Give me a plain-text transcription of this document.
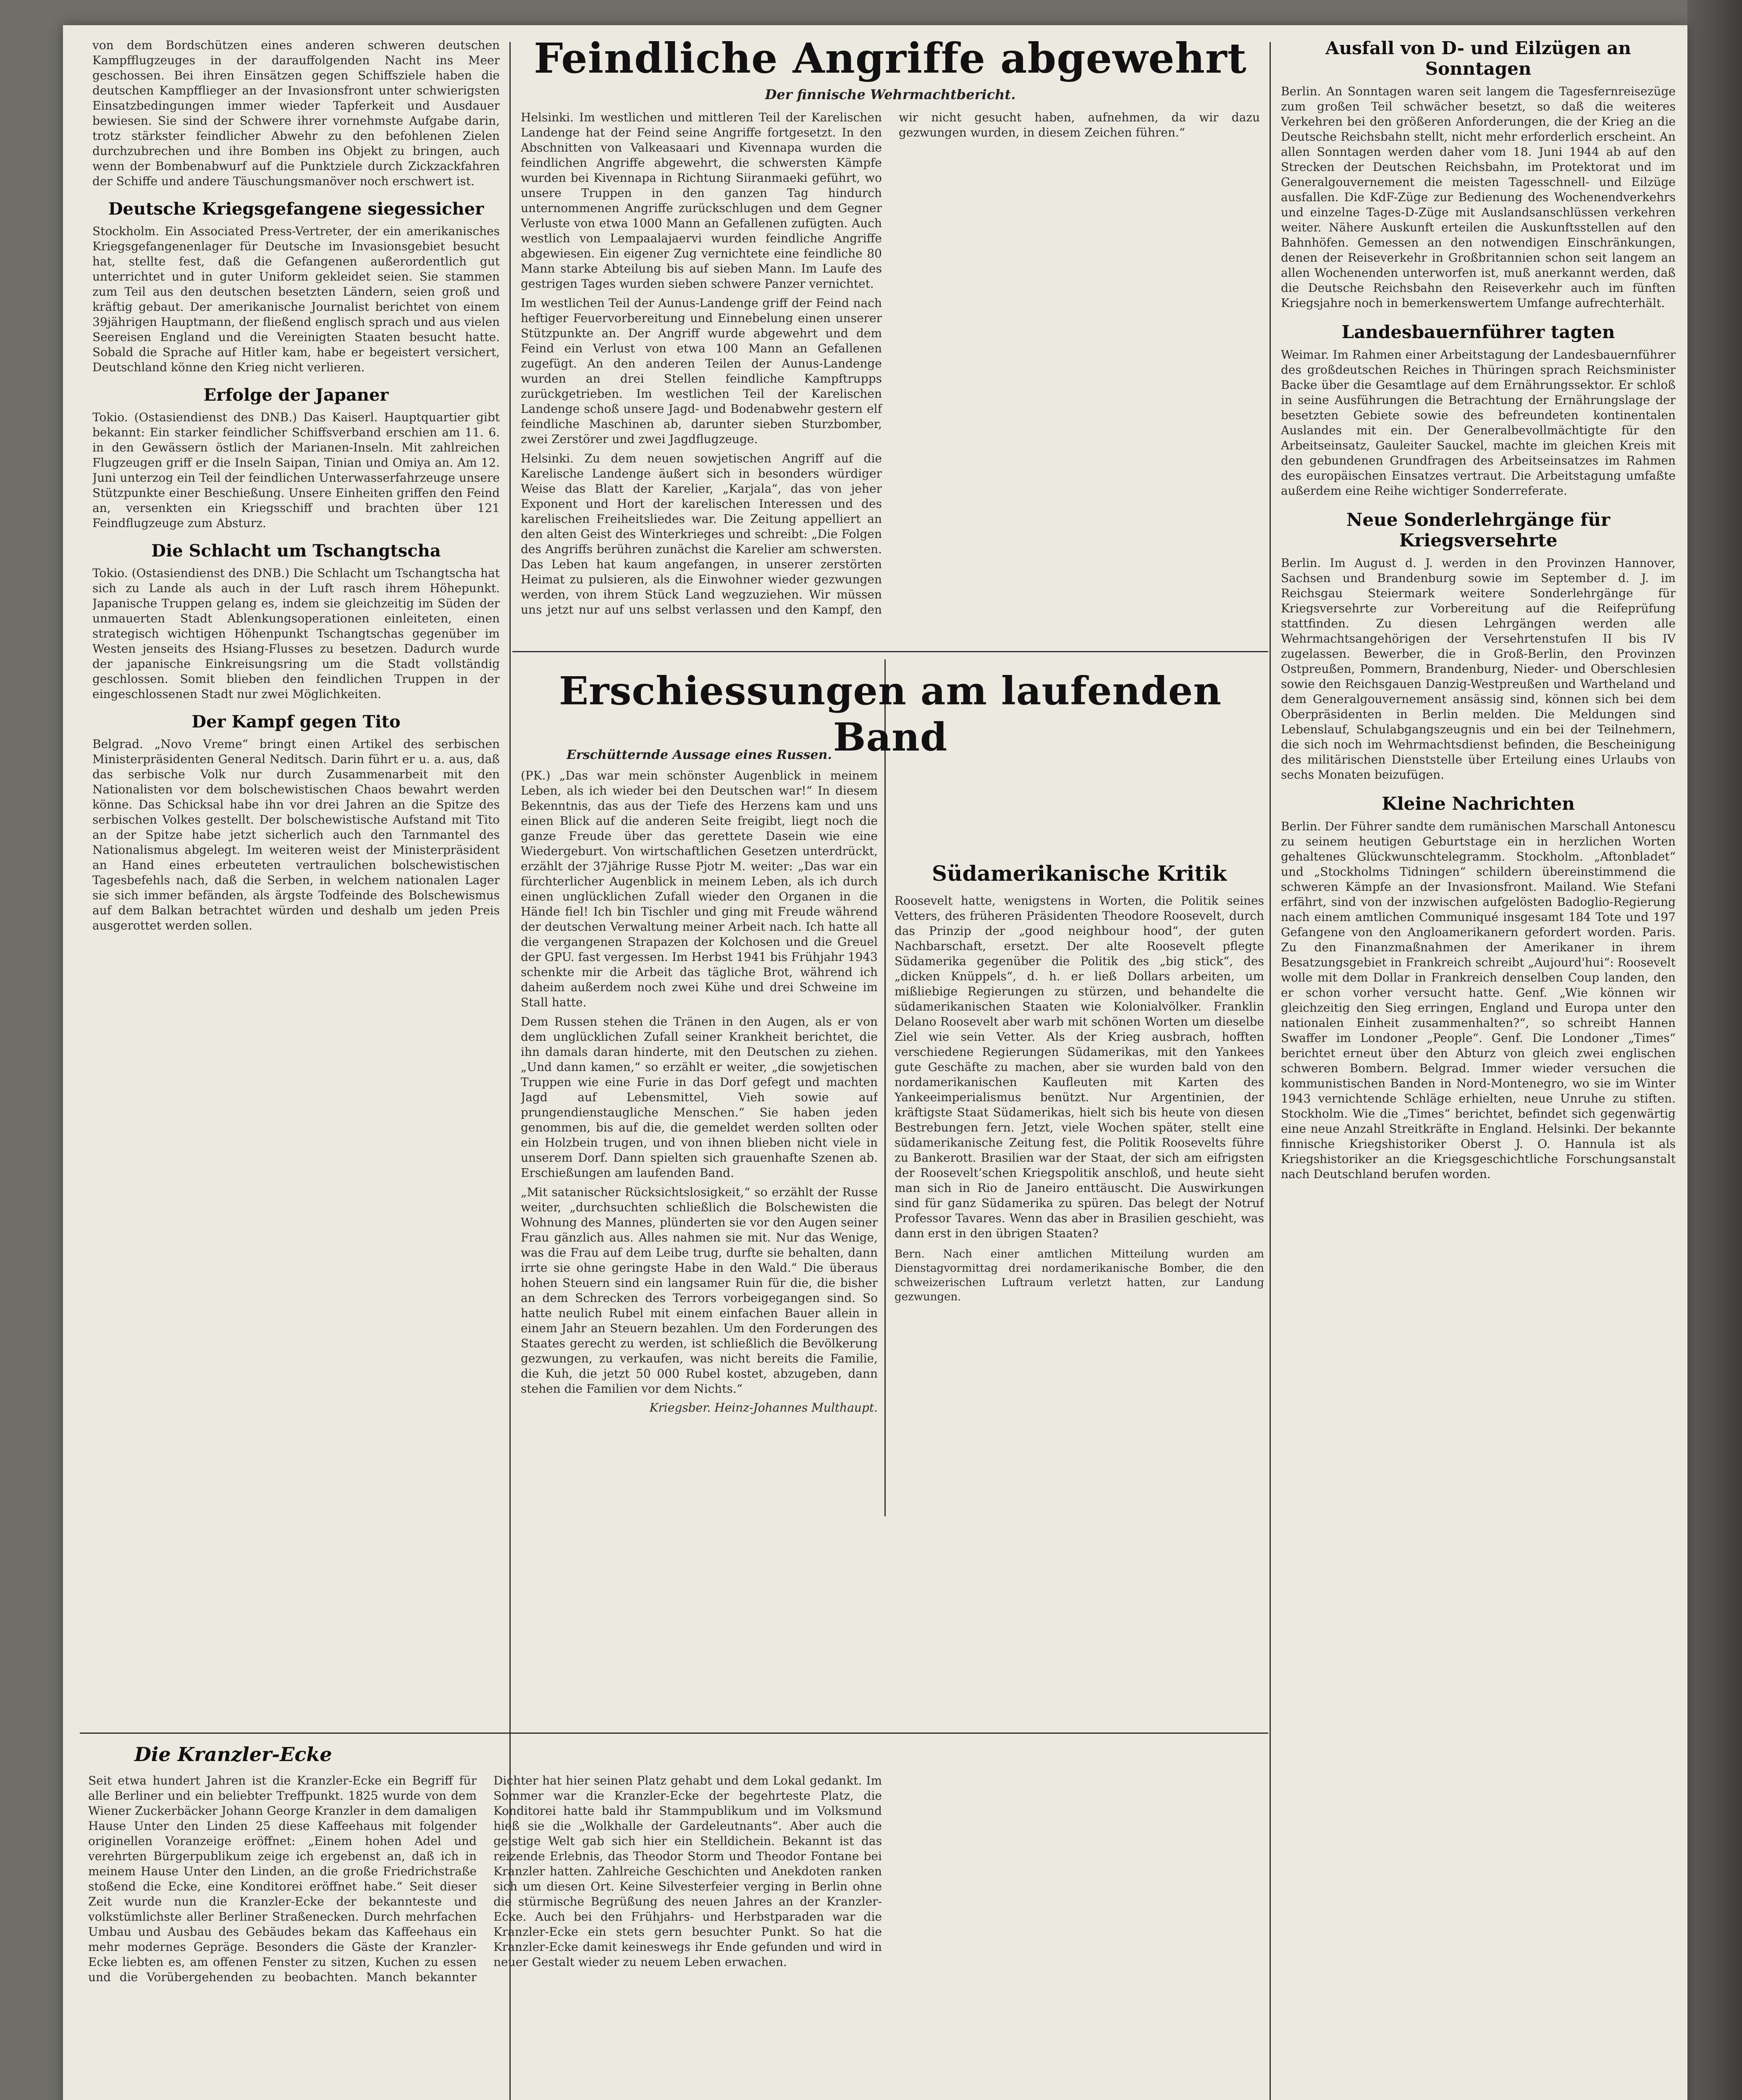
von dem Bordschützen eines anderen schweren deutschen Kampfflugzeuges in der darauffolgenden Nacht ins Meer geschossen. Bei ihren Einsätzen gegen Schiffsziele haben die deutschen Kampfflieger an der Invasionsfront unter schwierigsten Einsatzbedingungen immer wieder Tapferkeit und Ausdauer bewiesen. Sie sind der Schwere ihrer vornehmste Aufgabe darin, trotz stärkster feindlicher Abwehr zu den befohlenen Zielen durchzubrechen und ihre Bomben ins Objekt zu bringen, auch wenn der Bombenabwurf auf die Punktziele durch Zickzackfahren der Schiffe und andere Täuschungsmanöver noch erschwert ist.
Deutsche Kriegsgefangene siegessicher
Stockholm. Ein Associated Press-Vertreter, der ein amerikanisches Kriegsgefangenenlager für Deutsche im Invasionsgebiet besucht hat, stellte fest, daß die Gefangenen außerordentlich gut unterrichtet und in guter Uniform gekleidet seien. Sie stammen zum Teil aus den deutschen besetzten Ländern, seien groß und kräftig gebaut. Der amerikanische Journalist berichtet von einem 39jährigen Hauptmann, der fließend englisch sprach und aus vielen Seereisen England und die Vereinigten Staaten besucht hatte. Sobald die Sprache auf Hitler kam, habe er begeistert versichert, Deutschland könne den Krieg nicht verlieren.
Erfolge der Japaner
Tokio. (Ostasiendienst des DNB.) Das Kaiserl. Hauptquartier gibt bekannt: Ein starker feindlicher Schiffsverband erschien am 11. 6. in den Gewässern östlich der Marianen-Inseln. Mit zahlreichen Flugzeugen griff er die Inseln Saipan, Tinian und Omiya an. Am 12. Juni unterzog ein Teil der feindlichen Unterwasserfahrzeuge unsere Stützpunkte einer Beschießung. Unsere Einheiten griffen den Feind an, versenkten ein Kriegsschiff und brachten über 121 Feindflugzeuge zum Absturz.
Die Schlacht um Tschangtscha
Tokio. (Ostasiendienst des DNB.) Die Schlacht um Tschangtscha hat sich zu Lande als auch in der Luft rasch ihrem Höhepunkt. Japanische Truppen gelang es, indem sie gleichzeitig im Süden der unmauerten Stadt Ablenkungsoperationen einleiteten, einen strategisch wichtigen Höhenpunkt Tschangtschas gegenüber im Westen jenseits des Hsiang-Flusses zu besetzen. Dadurch wurde der japanische Einkreisungsring um die Stadt vollständig geschlossen. Somit blieben den feindlichen Truppen in der eingeschlossenen Stadt nur zwei Möglichkeiten.
Der Kampf gegen Tito
Belgrad. „Novo Vreme“ bringt einen Artikel des serbischen Ministerpräsidenten General Neditsch. Darin führt er u. a. aus, daß das serbische Volk nur durch Zusammenarbeit mit den Nationalisten vor dem bolschewistischen Chaos bewahrt werden könne. Das Schicksal habe ihn vor drei Jahren an die Spitze des serbischen Volkes gestellt. Der bolschewistische Aufstand mit Tito an der Spitze habe jetzt sicherlich auch den Tarnmantel des Nationalismus abgelegt. Im weiteren weist der Ministerpräsident an Hand eines erbeuteten vertraulichen bolschewistischen Tagesbefehls nach, daß die Serben, in welchem nationalen Lager sie sich immer befänden, als ärgste Todfeinde des Bolschewismus auf dem Balkan betrachtet würden und deshalb um jeden Preis ausgerottet werden sollen.
Feindliche Angriffe abgewehrt

Der finnische Wehrmachtbericht.

Helsinki. Im westlichen und mittleren Teil der Karelischen Landenge hat der Feind seine Angriffe fortgesetzt. In den Abschnitten von Valkeasaari und Kivennapa wurden die feindlichen Angriffe abgewehrt, die schwersten Kämpfe wurden bei Kivennapa in Richtung Siiranmaeki geführt, wo unsere Truppen in den ganzen Tag hindurch unternommenen Angriffe zurückschlugen und dem Gegner Verluste von etwa 1000 Mann an Gefallenen zufügten. Auch westlich von Lempaalajaervi wurden feindliche Angriffe abgewiesen. Ein eigener Zug vernichtete eine feindliche 80 Mann starke Abteilung bis auf sieben Mann. Im Laufe des gestrigen Tages wurden sieben schwere Panzer vernichtet.
Im westlichen Teil der Aunus-Landenge griff der Feind nach heftiger Feuervorbereitung und Einnebelung einen unserer Stützpunkte an. Der Angriff wurde abgewehrt und dem Feind ein Verlust von etwa 100 Mann an Gefallenen zugefügt. An den anderen Teilen der Aunus-Landenge wurden an drei Stellen feindliche Kampftrupps zurückgetrieben. Im westlichen Teil der Karelischen Landenge schoß unsere Jagd- und Bodenabwehr gestern elf feindliche Maschinen ab, darunter sieben Sturzbomber, zwei Zerstörer und zwei Jagdflugzeuge.
Helsinki. Zu dem neuen sowjetischen Angriff auf die Karelische Landenge äußert sich in besonders würdiger Weise das Blatt der Karelier, „Karjala“, das von jeher Exponent und Hort der karelischen Interessen und des karelischen Freiheitsliedes war. Die Zeitung appelliert an den alten Geist des Winterkrieges und schreibt: „Die Folgen des Angriffs berühren zunächst die Karelier am schwersten. Das Leben hat kaum angefangen, in unserer zerstörten Heimat zu pulsieren, als die Einwohner wieder gezwungen werden, von ihrem Stück Land wegzuziehen. Wir müssen uns jetzt nur auf uns selbst verlassen und den Kampf, den wir nicht gesucht haben, aufnehmen, da wir dazu gezwungen wurden, in diesem Zeichen führen.“

Erschütternde Aussage eines Russen.

(PK.) „Das war mein schönster Augenblick in meinem Leben, als ich wieder bei den Deutschen war!“ In diesem Bekenntnis, das aus der Tiefe des Herzens kam und uns einen Blick auf die anderen Seite freigibt, liegt noch die ganze Freude über das gerettete Dasein wie eine Wiedergeburt. Von wirtschaftlichen Gesetzen unterdrückt, erzählt der 37jährige Russe Pjotr M. weiter: „Das war ein fürchterlicher Augenblick in meinem Leben, als ich durch einen unglücklichen Zufall wieder den Organen in die Hände fiel! Ich bin Tischler und ging mit Freude während der deutschen Verwaltung meiner Arbeit nach. Ich hatte all die vergangenen Strapazen der Kolchosen und die Greuel der GPU. fast vergessen. Im Herbst 1941 bis Frühjahr 1943 schenkte mir die Arbeit das tägliche Brot, während ich daheim außerdem noch zwei Kühe und drei Schweine im Stall hatte.
Dem Russen stehen die Tränen in den Augen, als er von dem unglücklichen Zufall seiner Krankheit berichtet, die ihn damals daran hinderte, mit den Deutschen zu ziehen. „Und dann kamen,“ so erzählt er weiter, „die sowjetischen Truppen wie eine Furie in das Dorf gefegt und machten Jagd auf Lebensmittel, Vieh sowie auf prungendienstaugliche Menschen.“ Sie haben jeden genommen, bis auf die, die gemeldet werden sollten oder ein Holzbein trugen, und von ihnen blieben nicht viele in unserem Dorf. Dann spielten sich grauenhafte Szenen ab. Erschießungen am laufenden Band.
„Mit satanischer Rücksichtslosigkeit,“ so erzählt der Russe weiter, „durchsuchten schließlich die Bolschewisten die Wohnung des Mannes, plünderten sie vor den Augen seiner Frau gänzlich aus. Alles nahmen sie mit. Nur das Wenige, was die Frau auf dem Leibe trug, durfte sie behalten, dann irrte sie ohne geringste Habe in den Wald.“ Die überaus hohen Steuern sind ein langsamer Ruin für die, die bisher an dem Schrecken des Terrors vorbeigegangen sind. So hatte neulich Rubel mit einem einfachen Bauer allein in einem Jahr an Steuern bezahlen. Um den Forderungen des Staates gerecht zu werden, ist schließlich die Bevölkerung gezwungen, zu verkaufen, was nicht bereits die Familie, die Kuh, die jetzt 50 000 Rubel kostet, abzugeben, dann stehen die Familien vor dem Nichts.“
Kriegsber. Heinz-Johannes Multhaupt.
Erschiessungen am laufenden Band
Südamerikanische Kritik
Roosevelt hatte, wenigstens in Worten, die Politik seines Vetters, des früheren Präsidenten Theodore Roosevelt, durch das Prinzip der „good neighbour hood“, der guten Nachbarschaft, ersetzt. Der alte Roosevelt pflegte Südamerika gegenüber die Politik des „big stick“, des „dicken Knüppels“, d. h. er ließ Dollars arbeiten, um mißliebige Regierungen zu stürzen, und behandelte die südamerikanischen Staaten wie Kolonialvölker. Franklin Delano Roosevelt aber warb mit schönen Worten um dieselbe Ziel wie sein Vetter. Als der Krieg ausbrach, hofften verschiedene Regierungen Südamerikas, mit den Yankees gute Geschäfte zu machen, aber sie wurden bald von den nordamerikanischen Kaufleuten mit Karten des Yankeeimperialismus benützt. Nur Argentinien, der kräftigste Staat Südamerikas, hielt sich bis heute von diesen Bestrebungen fern. Jetzt, viele Wochen später, stellt eine südamerikanische Zeitung fest, die Politik Roosevelts führe zu Bankerott. Brasilien war der Staat, der sich am eifrigsten der Roosevelt’schen Kriegspolitik anschloß, und heute sieht man sich in Rio de Janeiro enttäuscht. Die Auswirkungen sind für ganz Südamerika zu spüren. Das belegt der Notruf Professor Tavares. Wenn das aber in Brasilien geschieht, was dann erst in den übrigen Staaten?
Bern. Nach einer amtlichen Mitteilung wurden am Dienstagvormittag drei nordamerikanische Bomber, die den schweizerischen Luftraum verletzt hatten, zur Landung gezwungen.
Die Kranzler-Ecke
Seit etwa hundert Jahren ist die Kranzler-Ecke ein Begriff für alle Berliner und ein beliebter Treffpunkt. 1825 wurde von dem Wiener Zuckerbäcker Johann George Kranzler in dem damaligen Hause Unter den Linden 25 diese Kaffeehaus mit folgender originellen Voranzeige eröffnet: „Einem hohen Adel und verehrten Bürgerpublikum zeige ich ergebenst an, daß ich in meinem Hause Unter den Linden, an die große Friedrichstraße stoßend die Ecke, eine Konditorei eröffnet habe.“ Seit dieser Zeit wurde nun die Kranzler-Ecke der bekannteste und volkstümlichste aller Berliner Straßenecken. Durch mehrfachen Umbau und Ausbau des Gebäudes bekam das Kaffeehaus ein mehr modernes Gepräge. Besonders die Gäste der Kranzler-Ecke liebten es, am offenen Fenster zu sitzen, Kuchen zu essen und die Vorübergehenden zu beobachten. Manch bekannter Dichter hat hier seinen Platz gehabt und dem Lokal gedankt. Im Sommer war die Kranzler-Ecke der begehrteste Platz, die Konditorei hatte bald ihr Stammpublikum und im Volksmund hieß sie die „Wolkhalle der Gardeleutnants“. Aber auch die geistige Welt gab sich hier ein Stelldichein. Bekannt ist das reizende Erlebnis, das Theodor Storm und Theodor Fontane bei Kranzler hatten. Zahlreiche Geschichten und Anekdoten ranken sich um diesen Ort. Keine Silvesterfeier verging in Berlin ohne die stürmische Begrüßung des neuen Jahres an der Kranzler-Ecke. Auch bei den Frühjahrs- und Herbstparaden war die Kranzler-Ecke ein stets gern besuchter Punkt. So hat die Kranzler-Ecke damit keineswegs ihr Ende gefunden und wird in neuer Gestalt wieder zu neuem Leben erwachen.
Ausfall von D- und Eilzügen an Sonntagen
Berlin. An Sonntagen waren seit langem die Tagesfernreisezüge zum großen Teil schwächer besetzt, so daß die weiteres Verkehren bei den größeren Anforderungen, die der Krieg an die Deutsche Reichsbahn stellt, nicht mehr erforderlich erscheint. An allen Sonntagen werden daher vom 18. Juni 1944 ab auf den Strecken der Deutschen Reichsbahn, im Protektorat und im Generalgouvernement die meisten Tagesschnell- und Eilzüge ausfallen. Die KdF-Züge zur Bedienung des Wochenendverkehrs und einzelne Tages-D-Züge mit Auslandsanschlüssen verkehren weiter. Nähere Auskunft erteilen die Auskunftsstellen auf den Bahnhöfen. Gemessen an den notwendigen Einschränkungen, denen der Reiseverkehr in Großbritannien schon seit langem an allen Wochenenden unterworfen ist, muß anerkannt werden, daß die Deutsche Reichsbahn den Reiseverkehr auch im fünften Kriegsjahre noch in bemerkenswertem Umfange aufrechterhält.
Landesbauernführer tagten
Weimar. Im Rahmen einer Arbeitstagung der Landesbauernführer des großdeutschen Reiches in Thüringen sprach Reichsminister Backe über die Gesamtlage auf dem Ernährungssektor. Er schloß in seine Ausführungen die Betrachtung der Ernährungslage der besetzten Gebiete sowie des befreundeten kontinentalen Auslandes mit ein. Der Generalbevollmächtigte für den Arbeitseinsatz, Gauleiter Sauckel, machte im gleichen Kreis mit den gebundenen Grundfragen des Arbeitseinsatzes im Rahmen des europäischen Einsatzes vertraut. Die Arbeitstagung umfaßte außerdem eine Reihe wichtiger Sonderreferate.
Neue Sonderlehrgänge für Kriegsversehrte
Berlin. Im August d. J. werden in den Provinzen Hannover, Sachsen und Brandenburg sowie im September d. J. im Reichsgau Steiermark weitere Sonderlehrgänge für Kriegsversehrte zur Vorbereitung auf die Reifeprüfung stattfinden. Zu diesen Lehrgängen werden alle Wehrmachtsangehörigen der Versehrtenstufen II bis IV zugelassen. Bewerber, die in Groß-Berlin, den Provinzen Ostpreußen, Pommern, Brandenburg, Nieder- und Oberschlesien sowie den Reichsgauen Danzig-Westpreußen und Wartheland und dem Generalgouvernement ansässig sind, können sich bei dem Oberpräsidenten in Berlin melden. Die Meldungen sind Lebenslauf, Schulabgangszeugnis und ein bei der Teilnehmern, die sich noch im Wehrmachtsdienst befinden, die Bescheinigung des militärischen Dienststelle über Erteilung eines Urlaubs von sechs Monaten beizufügen.
Kleine Nachrichten
Berlin. Der Führer sandte dem rumänischen Marschall Antonescu zu seinem heutigen Geburtstage ein in herzlichen Worten gehaltenes Glückwunschtelegramm. Stockholm. „Aftonbladet“ und „Stockholms Tidningen“ schildern übereinstimmend die schweren Kämpfe an der Invasionsfront. Mailand. Wie Stefani erfährt, sind von der inzwischen aufgelösten Badoglio-Regierung nach einem amtlichen Communiqué insgesamt 184 Tote und 197 Gefangene von den Angloamerikanern gefordert worden. Paris. Zu den Finanzmaßnahmen der Amerikaner in ihrem Besatzungsgebiet in Frankreich schreibt „Aujourd'hui“: Roosevelt wolle mit dem Dollar in Frankreich denselben Coup landen, den er schon vorher versucht hatte. Genf. „Wie können wir gleichzeitig den Sieg erringen, England und Europa unter den nationalen Einheit zusammenhalten?“, so schreibt Hannen Swaffer im Londoner „People“. Genf. Die Londoner „Times“ berichtet erneut über den Abturz von gleich zwei englischen schweren Bombern. Belgrad. Immer wieder versuchen die kommunistischen Banden in Nord-Montenegro, wo sie im Winter 1943 vernichtende Schläge erhielten, neue Unruhe zu stiften. Stockholm. Wie die „Times“ berichtet, befindet sich gegenwärtig eine neue Anzahl Streitkräfte in England. Helsinki. Der bekannte finnische Kriegshistoriker Oberst J. O. Hannula ist als Kriegshistoriker an die Kriegsgeschichtliche Forschungsanstalt nach Deutschland berufen worden.
